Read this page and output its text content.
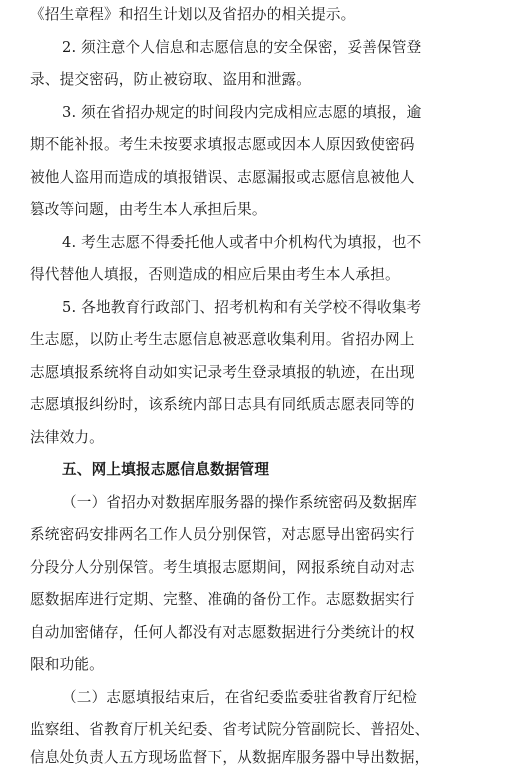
《招生章程》和招生计划以及省招办的相关提示。
2. 须注意个人信息和志愿信息的安全保密，妥善保管登
录、提交密码，防止被窃取、盗用和泄露。
3. 须在省招办规定的时间段内完成相应志愿的填报，逾
期不能补报。考生未按要求填报志愿或因本人原因致使密码
被他人盗用而造成的填报错误、志愿漏报或志愿信息被他人
篡改等问题，由考生本人承担后果。
4. 考生志愿不得委托他人或者中介机构代为填报，也不
得代替他人填报，否则造成的相应后果由考生本人承担。
5. 各地教育行政部门、招考机构和有关学校不得收集考
生志愿，以防止考生志愿信息被恶意收集利用。省招办网上
志愿填报系统将自动如实记录考生登录填报的轨迹，在出现
志愿填报纠纷时，该系统内部日志具有同纸质志愿表同等的
法律效力。
五、网上填报志愿信息数据管理
（一）省招办对数据库服务器的操作系统密码及数据库
系统密码安排两名工作人员分别保管，对志愿导出密码实行
分段分人分别保管。考生填报志愿期间，网报系统自动对志
愿数据库进行定期、完整、准确的备份工作。志愿数据实行
自动加密储存，任何人都没有对志愿数据进行分类统计的权
限和功能。
（二）志愿填报结束后，在省纪委监委驻省教育厅纪检
监察组、省教育厅机关纪委、省考试院分管副院长、普招处、
信息处负责人五方现场监督下，从数据库服务器中导出数据，
